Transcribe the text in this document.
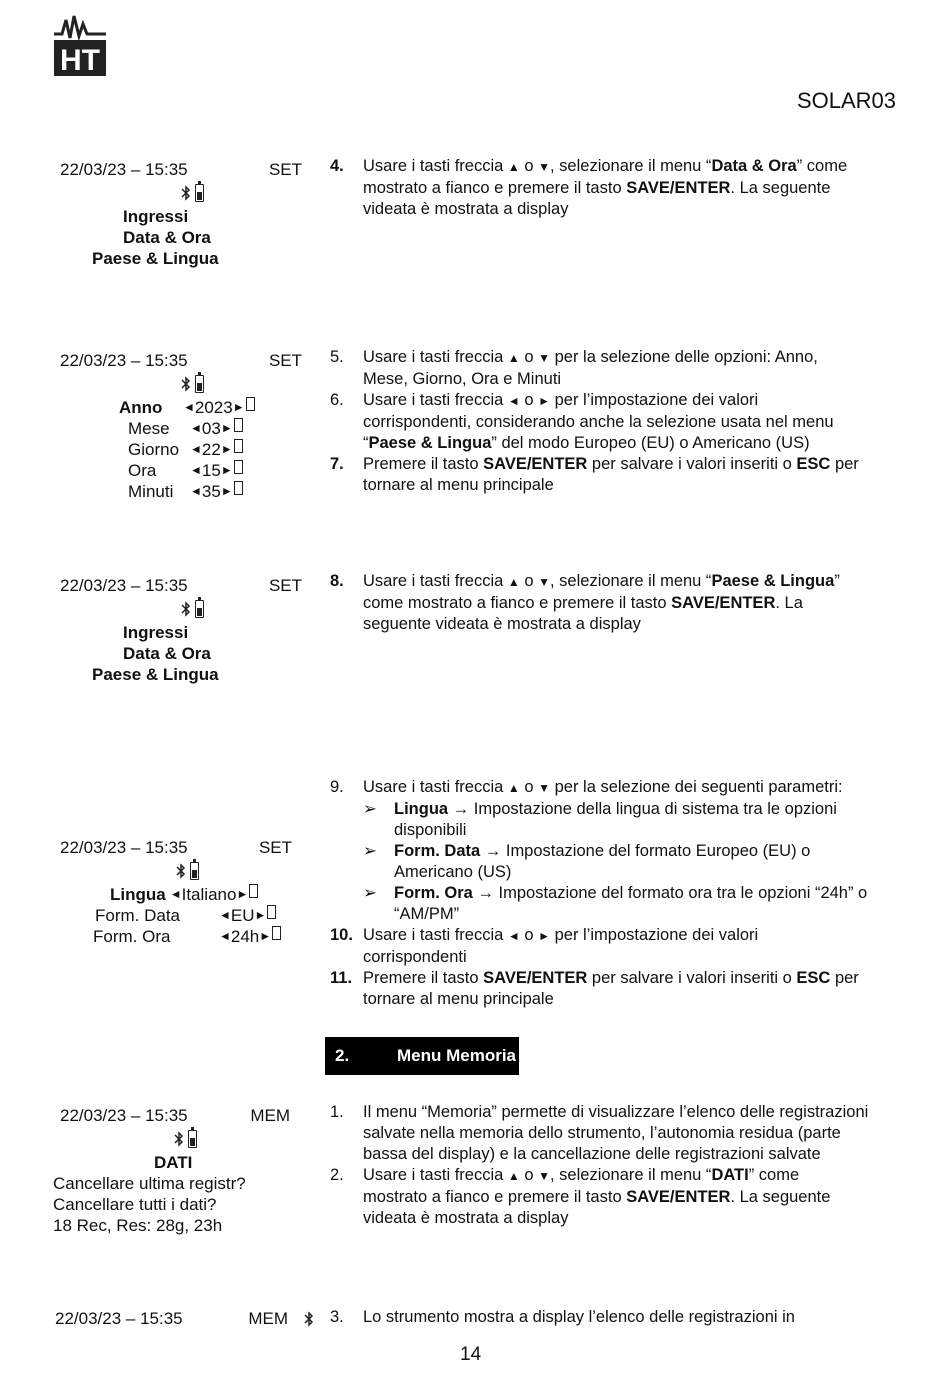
HT
SOLAR03
22/03/23 – 15:35	SET
Ingressi
Data & Ora
Paese & Lingua
22/03/23 – 15:35	SET
Anno	◄ 2023 ►
Mese	◄ 03 ►
Giorno ◄ 22 ►
Ora	◄ 15 ►
Minuti	◄ 35 ►
22/03/23 – 15:35	SET
Ingressi
Data & Ora
Paese & Lingua
22/03/23 – 15:35	SET
Lingua ◄ Italiano ►
Form. Data	◄ EU ►
Form. Ora	◄ 24h ►
22/03/23 – 15:35	MEM
DATI
Cancellare ultima registr?
Cancellare tutti i dati?
18 Rec, Res: 28g, 23h
22/03/23 – 15:35	MEM
4.	Usare i tasti freccia ▲ o ▼, selezionare il menu “Data & Ora” come
mostrato a fianco e premere il tasto SAVE/ENTER. La seguente
videata è mostrata a display
5.	Usare i tasti freccia ▲ o ▼ per la selezione delle opzioni: Anno,
Mese, Giorno, Ora e Minuti
6.	Usare i tasti freccia ◄ o ► per l’impostazione dei valori
corrispondenti, considerando anche la selezione usata nel menu
“Paese & Lingua” del modo Europeo (EU) o Americano (US)
7.	Premere il tasto SAVE/ENTER per salvare i valori inseriti o ESC per
tornare al menu principale
8.	Usare i tasti freccia ▲ o ▼, selezionare il menu “Paese & Lingua”
come mostrato a fianco e premere il tasto SAVE/ENTER. La
seguente videata è mostrata a display
9.	Usare i tasti freccia ▲ o ▼ per la selezione dei seguenti parametri:
➢	Lingua → Impostazione della lingua di sistema tra le opzioni
disponibili
➢	Form. Data → Impostazione del formato Europeo (EU) o
Americano (US)
➢	Form. Ora → Impostazione del formato ora tra le opzioni “24h” o
“AM/PM”
10. Usare i tasti freccia ◄ o ► per l’impostazione dei valori
corrispondenti
11. Premere il tasto SAVE/ENTER per salvare i valori inseriti o ESC per
tornare al menu principale
2.	Menu Memoria
1.	Il menu “Memoria” permette di visualizzare l’elenco delle registrazioni
salvate nella memoria dello strumento, l’autonomia residua (parte
bassa del display) e la cancellazione delle registrazioni salvate
2.	Usare i tasti freccia ▲ o ▼, selezionare il menu “DATI” come
mostrato a fianco e premere il tasto SAVE/ENTER. La seguente
videata è mostrata a display
3.	Lo strumento mostra a display l’elenco delle registrazioni in
14
